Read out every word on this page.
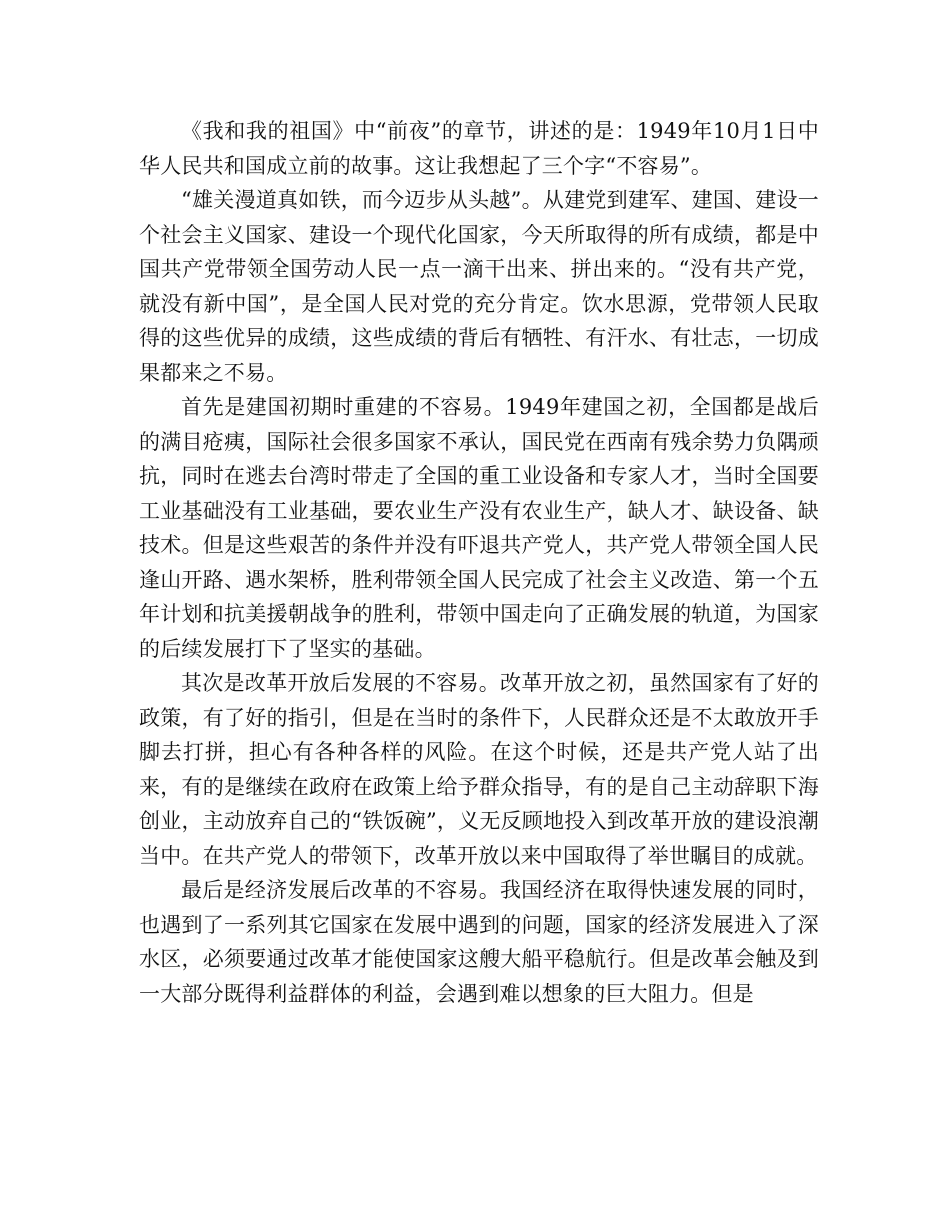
《我和我的祖国》中“前夜”的章节，讲述的是：1949年10月1日中华人民共和国成立前的故事。这让我想起了三个字“不容易”。

“雄关漫道真如铁，而今迈步从头越”。从建党到建军、建国、建设一个社会主义国家、建设一个现代化国家，今天所取得的所有成绩，都是中国共产党带领全国劳动人民一点一滴干出来、拼出来的。“没有共产党，就没有新中国”，是全国人民对党的充分肯定。饮水思源，党带领人民取得的这些优异的成绩，这些成绩的背后有牺牲、有汗水、有壮志，一切成果都来之不易。

首先是建国初期时重建的不容易。1949年建国之初，全国都是战后的满目疮痍，国际社会很多国家不承认，国民党在西南有残余势力负隅顽抗，同时在逃去台湾时带走了全国的重工业设备和专家人才，当时全国要工业基础没有工业基础，要农业生产没有农业生产，缺人才、缺设备、缺技术。但是这些艰苦的条件并没有吓退共产党人，共产党人带领全国人民逢山开路、遇水架桥，胜利带领全国人民完成了社会主义改造、第一个五年计划和抗美援朝战争的胜利，带领中国走向了正确发展的轨道，为国家的后续发展打下了坚实的基础。

其次是改革开放后发展的不容易。改革开放之初，虽然国家有了好的政策，有了好的指引，但是在当时的条件下，人民群众还是不太敢放开手脚去打拼，担心有各种各样的风险。在这个时候，还是共产党人站了出来，有的是继续在政府在政策上给予群众指导，有的是自己主动辞职下海创业，主动放弃自己的“铁饭碗”，义无反顾地投入到改革开放的建设浪潮当中。在共产党人的带领下，改革开放以来中国取得了举世瞩目的成就。

最后是经济发展后改革的不容易。我国经济在取得快速发展的同时，也遇到了一系列其它国家在发展中遇到的问题，国家的经济发展进入了深水区，必须要通过改革才能使国家这艘大船平稳航行。但是改革会触及到一大部分既得利益群体的利益，会遇到难以想象的巨大阻力。但是
